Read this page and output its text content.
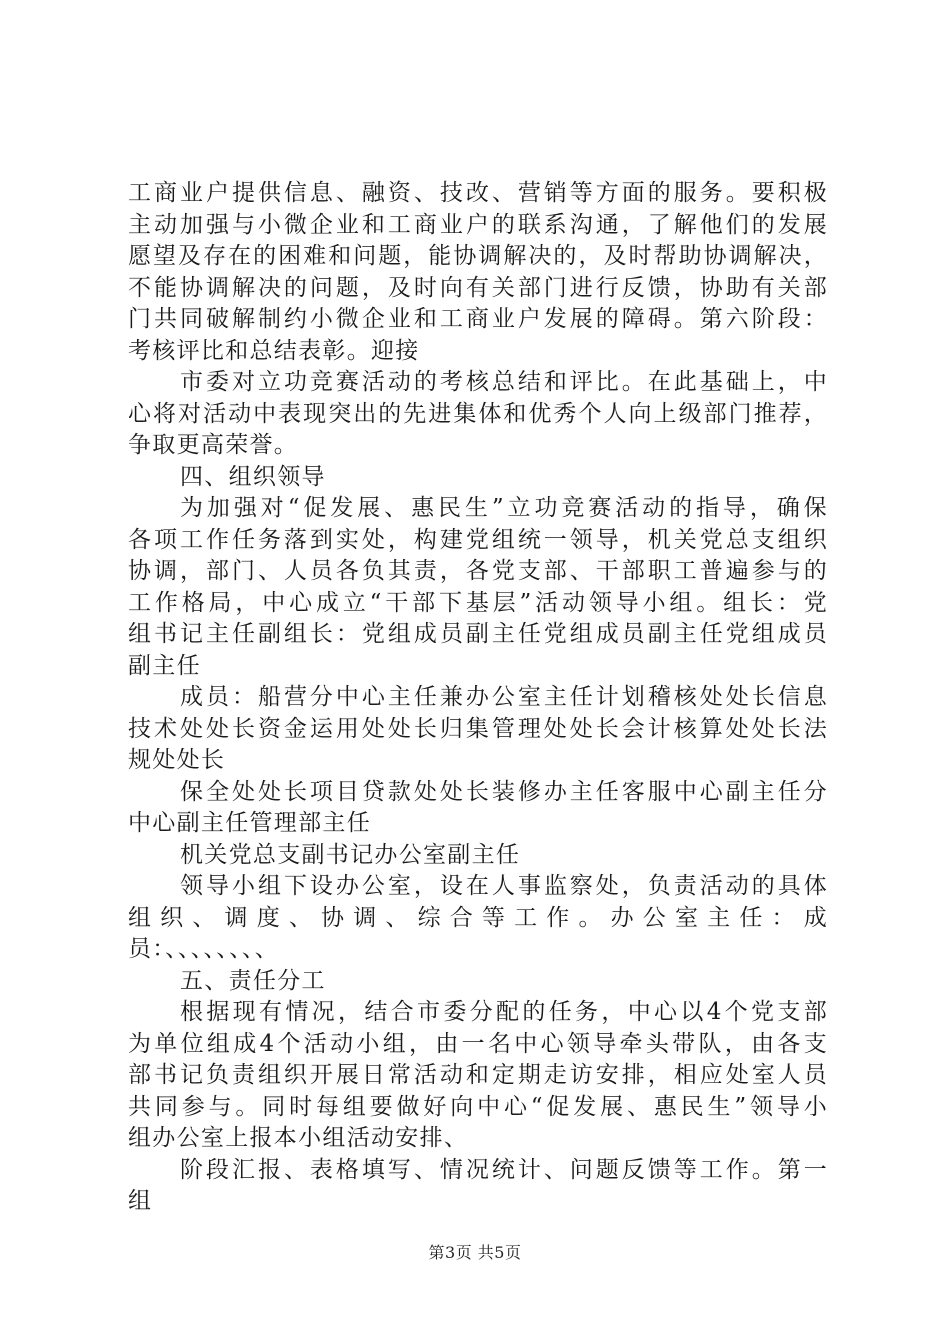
工商业户提供信息、融资、技改、营销等方面的服务。要积极
主动加强与小微企业和工商业户的联系沟通，了解他们的发展
愿望及存在的困难和问题，能协调解决的，及时帮助协调解决，
不能协调解决的问题，及时向有关部门进行反馈，协助有关部
门共同破解制约小微企业和工商业户发展的障碍。第六阶段：
考核评比和总结表彰。迎接
市委对立功竞赛活动的考核总结和评比。在此基础上，中
心将对活动中表现突出的先进集体和优秀个人向上级部门推荐，
争取更高荣誉。
四、组织领导
为加强对“促发展、惠民生”立功竞赛活动的指导，确保
各项工作任务落到实处，构建党组统一领导，机关党总支组织
协调，部门、人员各负其责，各党支部、干部职工普遍参与的
工作格局，中心成立“干部下基层”活动领导小组。组长：党
组书记主任副组长：党组成员副主任党组成员副主任党组成员
副主任
成员：船营分中心主任兼办公室主任计划稽核处处长信息
技术处处长资金运用处处长归集管理处处长会计核算处处长法
规处处长
保全处处长项目贷款处处长装修办主任客服中心副主任分
中心副主任管理部主任
机关党总支副书记办公室副主任
领导小组下设办公室，设在人事监察处，负责活动的具体
组织、调度、协调、综合等工作。办公室主任：成
员：、、、、、、、、
五、责任分工
根据现有情况，结合市委分配的任务，中心以4个党支部
为单位组成4个活动小组，由一名中心领导牵头带队，由各支
部书记负责组织开展日常活动和定期走访安排，相应处室人员
共同参与。同时每组要做好向中心“促发展、惠民生”领导小
组办公室上报本小组活动安排、
阶段汇报、表格填写、情况统计、问题反馈等工作。第一
组
第3页 共5页
